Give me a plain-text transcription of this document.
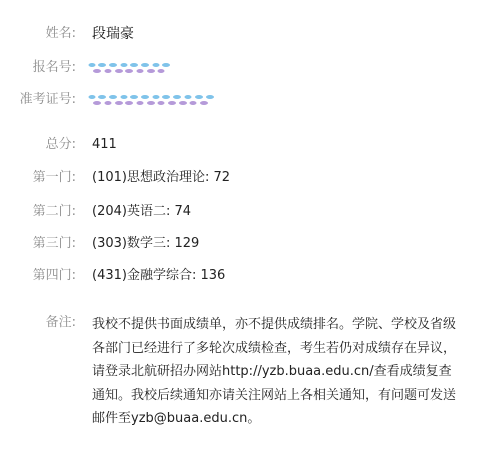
姓名: 段瑞豪
报名号:
准考证号:
总分: 411
第一门: (101)思想政治理论: 72
第二门: (204)英语二: 74
第三门: (303)数学三: 129
第四门: (431)金融学综合: 136
备注: 我校不提供书面成绩单，亦不提供成绩排名。学院、学校及省级各部门已经进行了多轮次成绩检查，考生若仍对成绩存在异议，请登录北航研招办网站http://yzb.buaa.edu.cn/查看成绩复查通知。我校后续通知亦请关注网站上各相关通知，有问题可发送邮件至yzb@buaa.edu.cn。
